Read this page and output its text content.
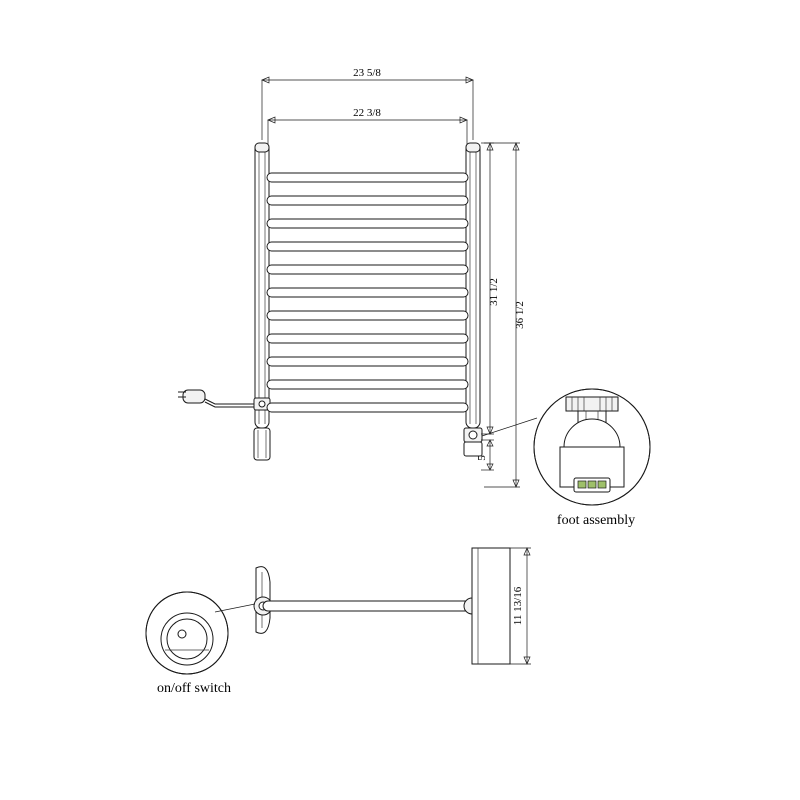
23 5/8
22 3/8
31 1/2
36 1/2
5
foot assembly
11 13/16
on/off switch
